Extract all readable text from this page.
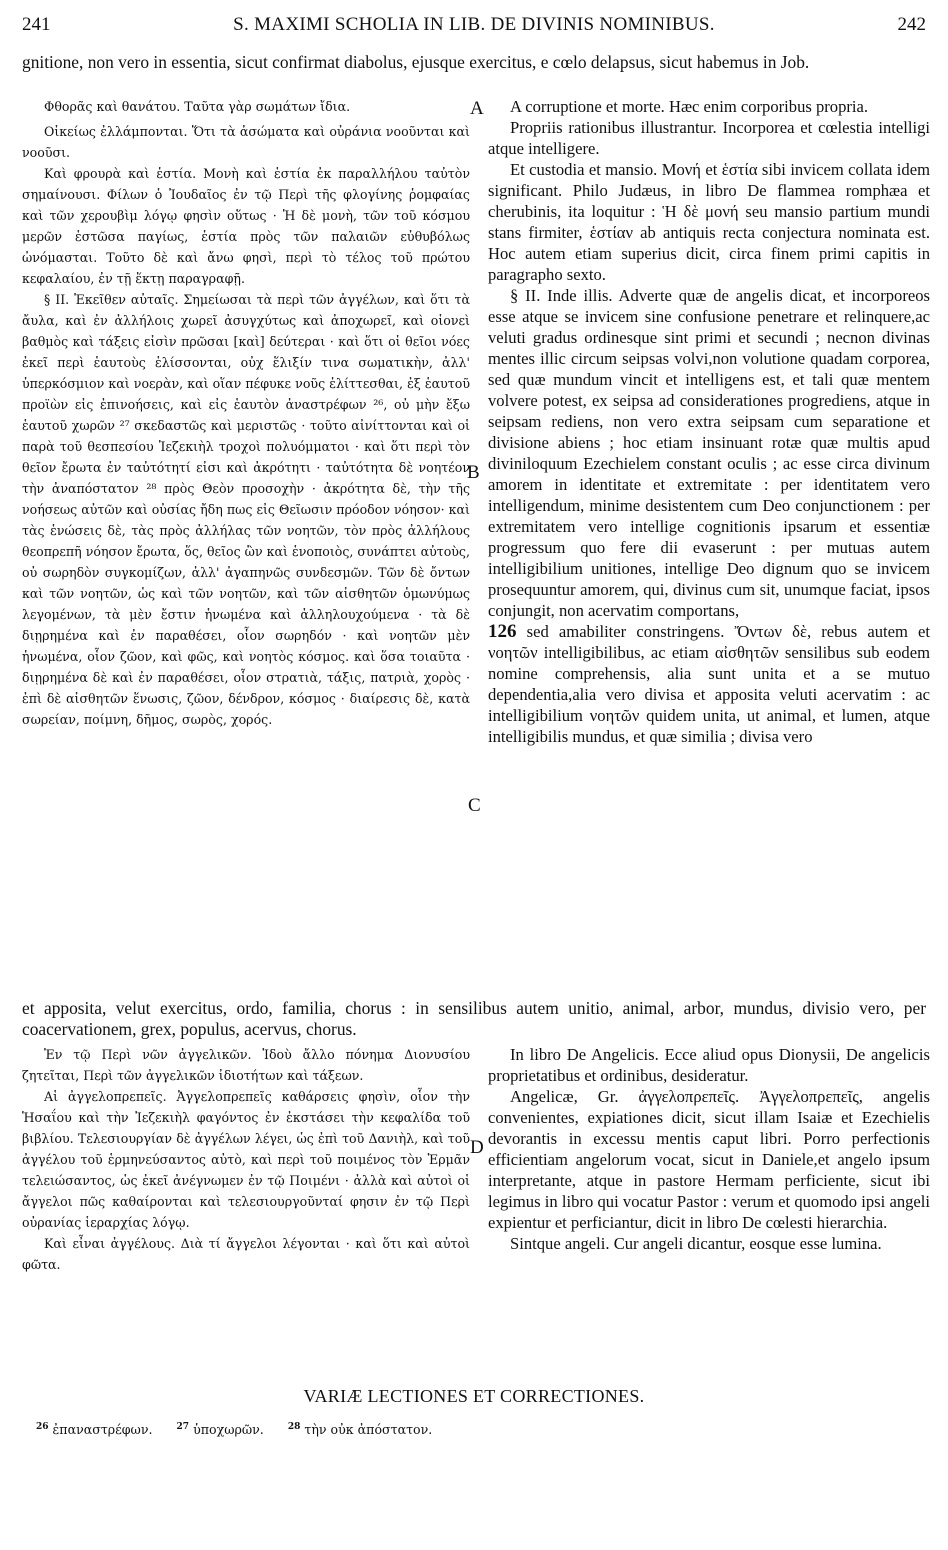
241	S. MAXIMI SCHOLIA IN LIB. DE DIVINIS NOMINIBUS.	242
gnitione, non vero in essentia, sicut confirmat diabolus, ejusque exercitus, e cœlo delapsus, sicut habemus in Job.

Φθορᾶς καὶ θανάτου. Ταῦτα γὰρ σωμάτων ἴδια.

Οἰκείως ἐλλάμπονται. Ὅτι τὰ ἀσώματα καὶ οὐράνια νοοῦνται καὶ νοοῦσι.

Καὶ φρουρὰ καὶ ἑστία. Μονὴ καὶ ἑστία ἐκ παραλλήλου ταὐτὸν σημαίνουσι. Φίλων ὁ Ἰουδαῖος ἐν τῷ Περὶ τῆς φλογίνης ῥομφαίας καὶ τῶν χερουβὶμ λόγῳ φησὶν οὕτως · Ἡ δὲ μονὴ, τῶν τοῦ κόσμου μερῶν ἑστῶσα παγίως, ἑστία πρὸς τῶν παλαιῶν εὐθυβόλως ὠνόμασται. Τοῦτο δὲ καὶ ἄνω φησὶ, περὶ τὸ τέλος τοῦ πρώτου κεφαλαίου, ἐν τῇ ἕκτῃ παραγραφῇ.

§ II. Ἐκεῖθεν αὐταῖς. Σημείωσαι τὰ περὶ τῶν ἀγγέλων, καὶ ὅτι τὰ ἄυλα, καὶ ἐν ἀλλήλοις χωρεῖ ἀσυγχύτως καὶ ἀποχωρεῖ, καὶ οἱονεὶ βαθμὸς καὶ τάξεις εἰσὶν πρῶσαι [καὶ] δεύτεραι · καὶ ὅτι οἱ θεῖοι νόες ἐκεῖ περὶ ἑαυτοὺς ἑλίσσονται, οὐχ ἕλιξίν τινα σωματικὴν, ἀλλ' ὑπερκόσμιον καὶ νοερὰν, καὶ οἵαν πέφυκε νοῦς ἑλίττεσθαι, ἐξ ἑαυτοῦ προϊὼν εἰς ἐπινοήσεις, καὶ εἰς ἑαυτὸν ἀναστρέφων ²⁶, οὐ μὴν ἔξω ἑαυτοῦ χωρῶν ²⁷ σκεδαστῶς καὶ μεριστῶς · τοῦτο αἰνίττονται καὶ οἱ παρὰ τοῦ θεσπεσίου Ἰεζεκιὴλ τροχοὶ πολυόμματοι · καὶ ὅτι περὶ τὸν θεῖον ἔρωτα ἐν ταὐτότητί εἰσι καὶ ἀκρότητι · ταὐτότητα δὲ νοητέον τὴν ἀναπόστατον ²⁸ πρὸς Θεὸν προσοχὴν · ἀκρότητα δὲ, τὴν τῆς νοήσεως αὐτῶν καὶ οὐσίας ἤδη πως εἰς Θεῖωσιν πρόοδον νόησον· καὶ τὰς ἑνώσεις δὲ, τὰς πρὸς ἀλλήλας τῶν νοητῶν, τὸν πρὸς ἀλλήλους θεοπρεπῆ νόησον ἔρωτα, ὅς, θεῖος ὢν καὶ ἑνοποιὸς, συνάπτει αὐτοὺς, οὐ σωρηδὸν συγκομίζων, ἀλλ' ἀγαπηνῶς συνδεσμῶν. Τῶν δὲ ὄντων καὶ τῶν νοητῶν, ὡς καὶ τῶν νοητῶν, καὶ τῶν αἰσθητῶν ὁμωνύμως λεγομένων, τὰ μὲν ἔστιν ἡνωμένα καὶ ἀλληλουχούμενα · τὰ δὲ διῃρημένα καὶ ἐν παραθέσει, οἷον σωρηδόν · καὶ νοητῶν μὲν ἡνωμένα, οἷον ζῶον, καὶ φῶς, καὶ νοητὸς κόσμος. καὶ ὅσα τοιαῦτα · διῃρημένα δὲ καὶ ἐν παραθέσει, οἷον στρατιὰ, τάξις, πατριὰ, χορὸς · ἐπὶ δὲ αἰσθητῶν ἕνωσις, ζῶον, δένδρον, κόσμος · διαίρεσις δὲ, κατὰ σωρείαν, ποίμνη, δῆμος, σωρὸς, χορός.

A corruptione et morte. Hæc enim corporibus propria.

Propriis rationibus illustrantur. Incorporea et cœlestia intelligi atque intelligere.

Et custodia et mansio. Μονή et ἑστία sibi invicem collata idem significant. Philo Judæus, in libro De flammea romphæa et cherubinis, ita loquitur : Ἡ δὲ μονή seu mansio partium mundi stans firmiter, ἑστίαν ab antiquis recta conjectura nominata est. Hoc autem etiam superius dicit, circa finem primi capitis in paragrapho sexto.

§ II. Inde illis. Adverte quæ de angelis dicat, et incorporeos esse atque se invicem sine confusione penetrare et relinquere,ac veluti gradus ordinesque sint primi et secundi ; necnon divinas mentes illic circum seipsas volvi,non volutione quadam corporea, sed quæ mundum vincit et intelligens est, et tali quæ mentem volvere potest, ex seipsa ad considerationes progrediens, atque in seipsam rediens, non vero extra seipsam cum separatione et divisione abiens ; hoc etiam insinuant rotæ quæ multis apud diviniloquum Ezechielem constant oculis ; ac esse circa divinum amorem in identitate et extremitate : per identitatem vero intelligendum, minime desistentem cum Deo conjunctionem : per extremitatem vero intellige cognitionis ipsarum et essentiæ progressum quo fere dii evaserunt : per mutuas autem intelligibilium unitiones, intellige Deo dignum quo se invicem prosequuntur amorem, qui, divinus cum sit, unumque faciat, ipsos conjungit, non acervatim comportans,

126 sed amabiliter constringens. Ὄντων δὲ, rebus autem et νοητῶν intelligibilibus, ac etiam αἰσθητῶν sensilibus sub eodem nomine comprehensis, alia sunt unita et a se mutuo dependentia,alia vero divisa et apposita veluti acervatim : ac intelligibilium νοητῶν quidem unita, ut animal, et lumen, atque intelligibilis mundus, et quæ similia ; divisa vero

A
B
C
D
et apposita, velut exercitus, ordo, familia, chorus : in sensilibus autem unitio, animal, arbor, mundus, divisio vero, per coacervationem, grex, populus, acervus, chorus.

Ἐν τῷ Περὶ νῶν ἀγγελικῶν. Ἰδοὺ ἄλλο πόνημα Διονυσίου ζητεῖται, Περὶ τῶν ἀγγελικῶν ἰδιοτήτων καὶ τάξεων.

Αἱ ἀγγελοπρεπεῖς. Ἀγγελοπρεπεῖς καθάρσεις φησὶν, οἷον τὴν Ἡσαΐου καὶ τὴν Ἰεζεκιὴλ φαγόντος ἐν ἐκστάσει τὴν κεφαλίδα τοῦ βιβλίου. Τελεσιουργίαν δὲ ἀγγέλων λέγει, ὡς ἐπὶ τοῦ Δανιὴλ, καὶ τοῦ ἀγγέλου τοῦ ἑρμηνεύσαντος αὐτὸ, καὶ περὶ τοῦ ποιμένος τὸν Ἑρμᾶν τελειώσαντος, ὡς ἐκεῖ ἀνέγνωμεν ἐν τῷ Ποιμένι · ἀλλὰ καὶ αὐτοὶ οἱ ἄγγελοι πῶς καθαίρονται καὶ τελεσιουργοῦνταί φησιν ἐν τῷ Περὶ οὐρανίας ἱεραρχίας λόγῳ.

Καὶ εἶναι ἀγγέλους. Διὰ τί ἄγγελοι λέγονται · καὶ ὅτι καὶ αὐτοὶ φῶτα.

In libro De Angelicis. Ecce aliud opus Dionysii, De angelicis proprietatibus et ordinibus, desideratur.

Angelicæ, Gr. ἀγγελοπρεπεῖς. Ἀγγελοπρεπεῖς, angelis convenientes, expiationes dicit, sicut illam Isaiæ et Ezechielis devorantis in excessu mentis caput libri. Porro perfectionis efficientiam angelorum vocat, sicut in Daniele,et angelo ipsum interpretante, atque in pastore Hermam perficiente, sicut ibi legimus in libro qui vocatur Pastor : verum et quomodo ipsi angeli expientur et perficiantur, dicit in libro De cœlesti hierarchia.

Sintque angeli. Cur angeli dicantur, eosque esse lumina.

VARIÆ LECTIONES ET CORRECTIONES.
$^{26}$ ἐπαναστρέφων.	$^{27}$ ὑποχωρῶν.	$^{28}$ τὴν οὐκ ἀπόστατον.
